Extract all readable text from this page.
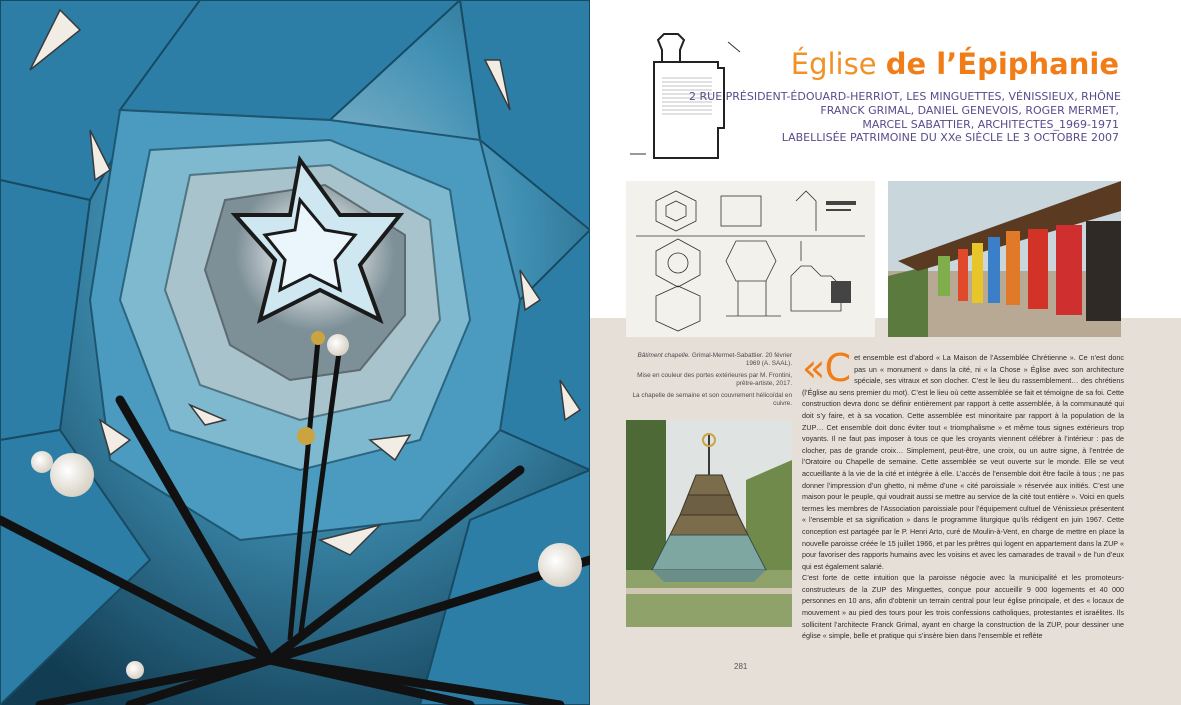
Église de l’Épiphanie
2 RUE PRÉSIDENT-ÉDOUARD-HERRIOT, LES MINGUETTES, VÉNISSIEUX, RHÔNE
FRANCK GRIMAL, DANIEL GENEVOIS, ROGER MERMET,
MARCEL SABATTIER, ARCHITECTES_1969-1971
LABELLISÉE PATRIMOINE DU XXe SIÈCLE LE 3 OCTOBRE 2007

Bâtiment chapelle. Grimal-Mermet-Sabattier. 20 février 1969 (A. SAAL).

Mise en couleur des portes extérieures par M. Frontini, prêtre-artiste, 2017.

La chapelle de semaine et son couvrement hélicoïdal en cuivre.

«C et ensemble est d’abord « La Maison de l’Assemblée Chrétienne ». Ce n’est donc pas un « monument » dans la cité, ni « la Chose » Église avec son architecture spéciale, ses vitraux et son clocher. C’est le lieu du rassemblement… des chrétiens (l’Église au sens premier du mot). C’est le lieu où cette assemblée se fait et témoigne de sa foi. Cette construction devra donc se définir entièrement par rapport à cette assemblée, à la communauté qui doit s’y faire, et à sa vocation. Cette assemblée est minoritaire par rapport à la population de la ZUP… Cet ensemble doit donc éviter tout « triomphalisme » et même tous signes extérieurs trop voyants. Il ne faut pas imposer à tous ce que les croyants viennent célébrer à l’intérieur : pas de clocher, pas de grande croix… Simplement, peut-être, une croix, ou un autre signe, à l’entrée de l’Oratoire ou Chapelle de semaine. Cette assemblée se veut ouverte sur le monde. Elle se veut accueillante à la vie de la cité et intégrée à elle. L’accès de l’ensemble doit être facile à tous ; ne pas donner l’impression d’un ghetto, ni même d’une « cité paroissiale » réservée aux initiés. C’est une maison pour le peuple, qui voudrait aussi se mettre au service de la cité tout entière ». Voici en quels termes les membres de l’Association paroissiale pour l’équipement cultuel de Vénissieux présentent « l’ensemble et sa signification » dans le programme liturgique qu’ils rédigent en juin 1967. Cette conception est partagée par le P. Henri Arto, curé de Moulin-à-Vent, en charge de mettre en place la nouvelle paroisse créée le 15 juillet 1966, et par les prêtres qui logent en appartement dans la ZUP « pour favoriser des rapports humains avec les voisins et avec les camarades de travail » de l’un d’eux qui est également salarié.

C’est forte de cette intuition que la paroisse négocie avec la municipalité et les promoteurs-constructeurs de la ZUP des Minguettes, conçue pour accueillir 9 000 logements et 40 000 personnes en 10 ans, afin d’obtenir un terrain central pour leur église principale, et des « locaux de mouvement » au pied des tours pour les trois confessions catholiques, protestantes et israélites. Ils sollicitent l’architecte Franck Grimal, ayant en charge la construction de la ZUP, pour dessiner une église « simple, belle et pratique qui s’insère bien dans l’ensemble et reflète

281
